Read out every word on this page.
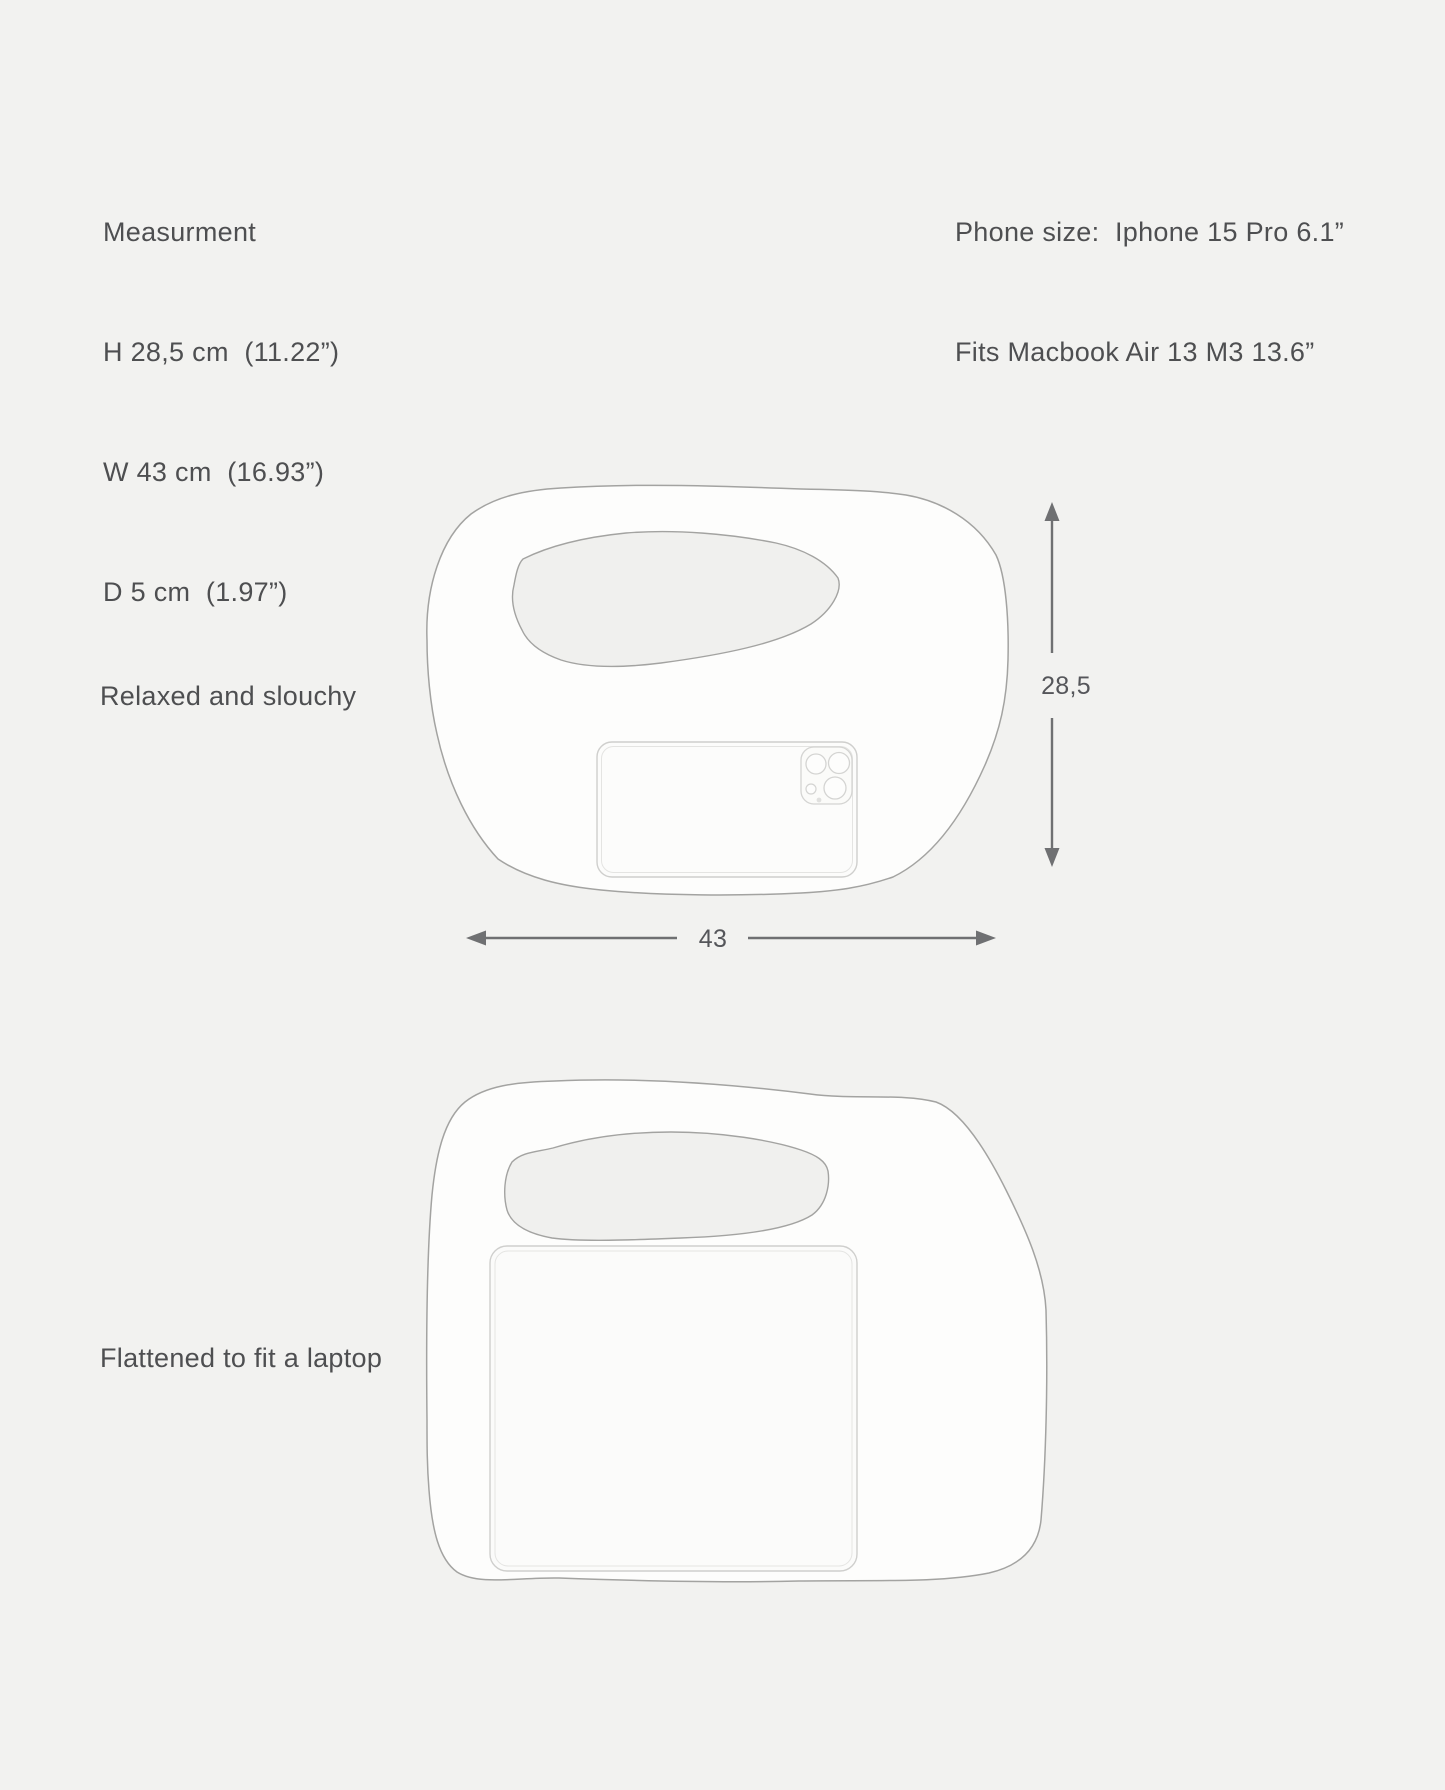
Measurment

H 28,5 cm  (11.22”)

W 43 cm  (16.93”)

D 5 cm  (1.97”)

Phone size:  Iphone 15 Pro 6.1”

Fits Macbook Air 13 M3 13.6”

Relaxed and slouchy	28,5
43
Flattened to fit a laptop
